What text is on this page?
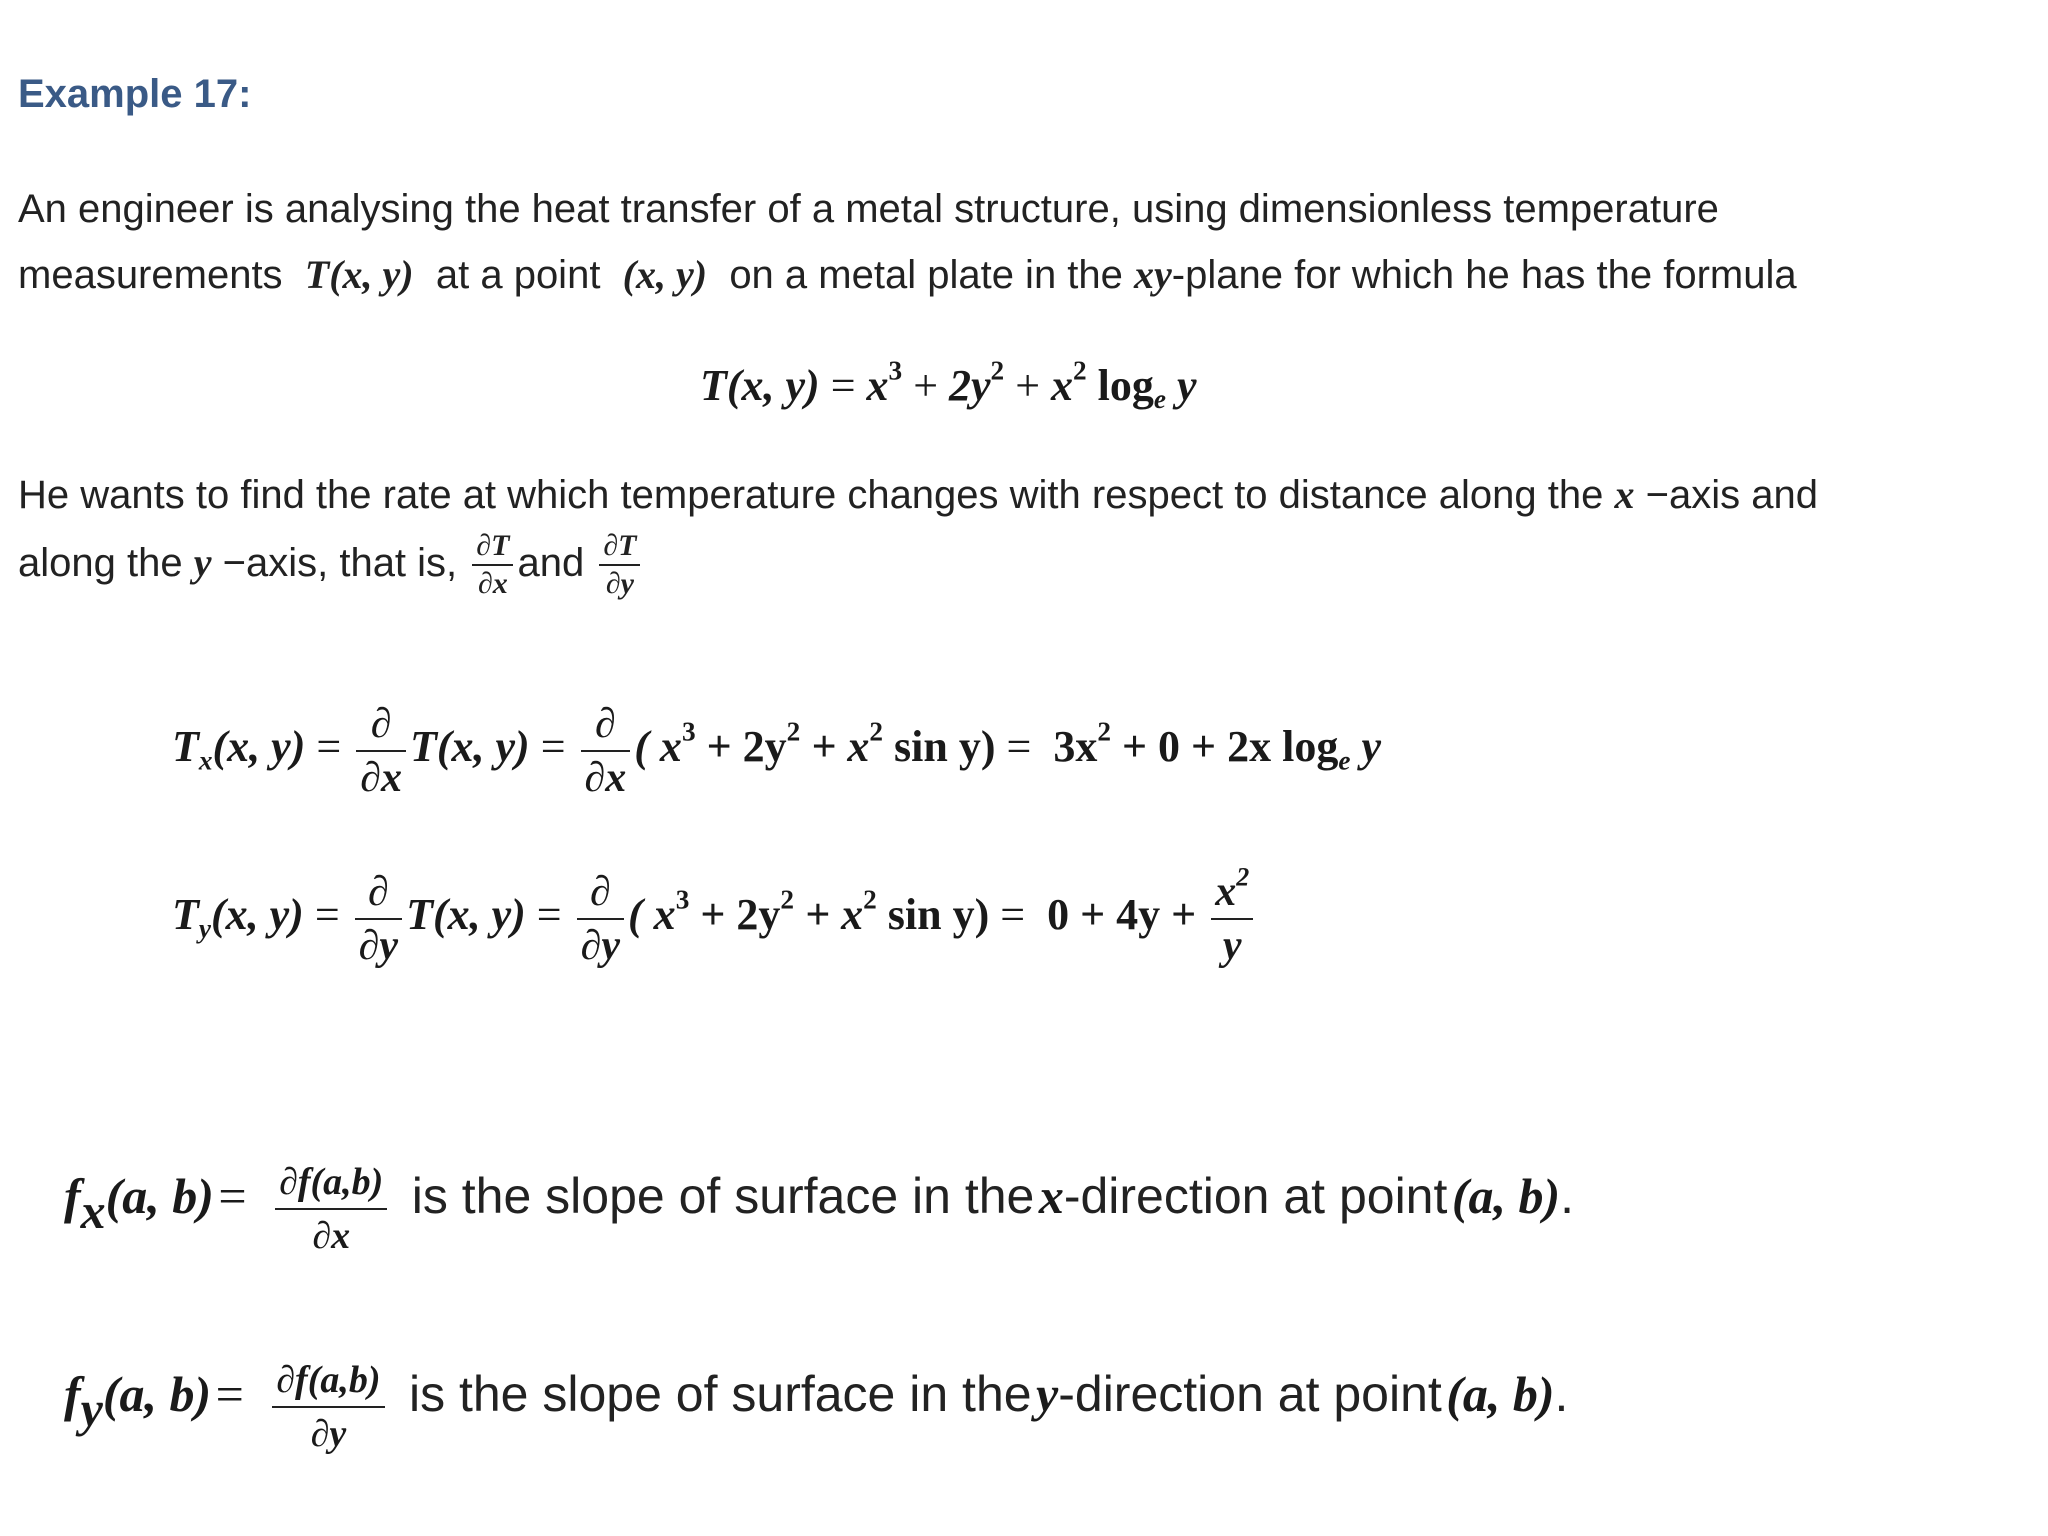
Example 17:
An engineer is analysing the heat transfer of a metal structure, using dimensionless temperature
measurements T(x, y) at a point (x, y) on a metal plate in the xy-plane for which he has the formula
T(x, $y) = x^3 + 2y^2 + x^2$ $\log_e y$
He wants to find the rate at which temperature changes with respect to distance along the x −axis and
along the y −axis, that is, $\frac{\partial T}{\partial x}$ and $\frac{\partial T}{\partial y}$
$T_x(x$, $y) = \frac{\partial}{\partial x} T(x$, $y) = \frac{\partial}{\partial x}$ ( $x^3 + 2y^2 + x^2$ $\sin y) = 3x^2 + 0 + 2x$ $\log_e y$
$T_y(x$, $y) = \frac{\partial}{\partial y} T(x$, $y) = \frac{\partial}{\partial y}$ ( $x^3 + 2y^2 + x^2$ $\sin y) = 0 + 4y + \frac{x^2}{y}$
$f_x(a$, $b) = \frac{\partial f(a,b)}{\partial x}$ is the slope of surface in the x-direction at point (a, b).
$f_y(a$, $b) = \frac{\partial f(a,b)}{\partial y}$ is the slope of surface in the y-direction at point (a, b).
